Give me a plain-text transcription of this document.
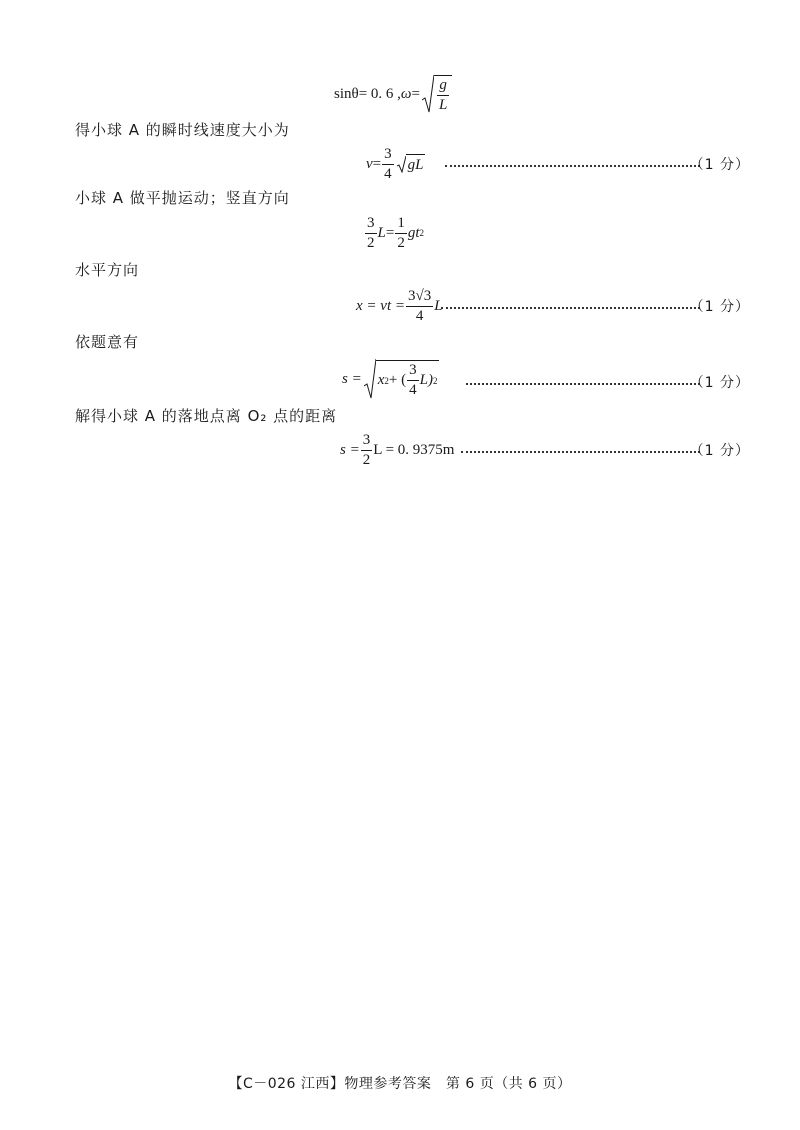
sinθ = 0. 6 , $\omega = \frac{g}{L}$
得小球 A 的瞬时线速度大小为
$v = \frac{3}{4}$ gL	（1 分）
小球 A 做平抛运动；竖直方向
$\frac{3}{2}$ $L = \frac{1}{2}$ gt 2
水平方向
x = vt = $\frac{3√3}{4}$ L	（1 分）
依题意有
s = x 2 + ( $\frac{3}{4} L$) 2	（1 分）
解得小球 A 的落地点离 O₂ 点的距离
$s = \frac{3}{2}$ L = 0. 9375m	（1 分）
【C－026 江西】物理参考答案　第 6 页（共 6 页）
